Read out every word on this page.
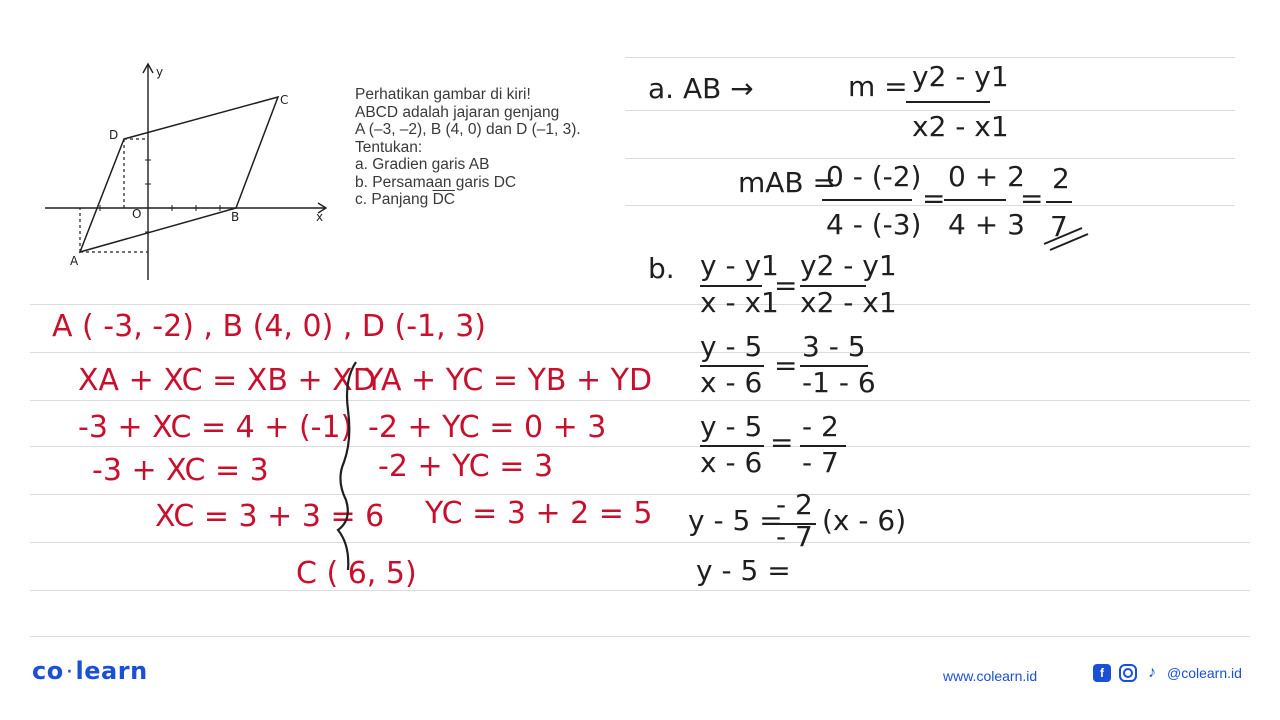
y
x
O
A
B
C
D
Perhatikan gambar di kiri!
ABCD adalah jajaran genjang
A (–3, –2), B (4, 0) dan D (–1, 3).
Tentukan:
a. Gradien garis AB
b. Persamaan garis DC
c. Panjang $\overline{DC}$
A ( -3, -2) , B (4, 0) , D (-1, 3)
XA + XC = XB + XD
YA + YC = YB + YD
-3 + XC = 4 + (-1) -2 + YC = 0 + 3
-3 + XC = 3	-2 + YC = 3
XC = 3 + 3 = 6 YC = 3 + 2 = 5
C ( 6, 5)
a. AB →	m = y2 - y1
x2 - x1
mAB =
0 - (-2)
4 - (-3)
=
0 + 2
4 + 3
=
2
7
b. y - y1
x - x1
=
y2 - y1
x2 - x1
y - 5
x - 6
=
3 - 5
-1 - 6
y - 5
x - 6
= - 2
- 7
y - 5 =
- 2
- 7 (x - 6)
y - 5 =
co · learn	www.colearn.id	f	♪ @colearn.id
